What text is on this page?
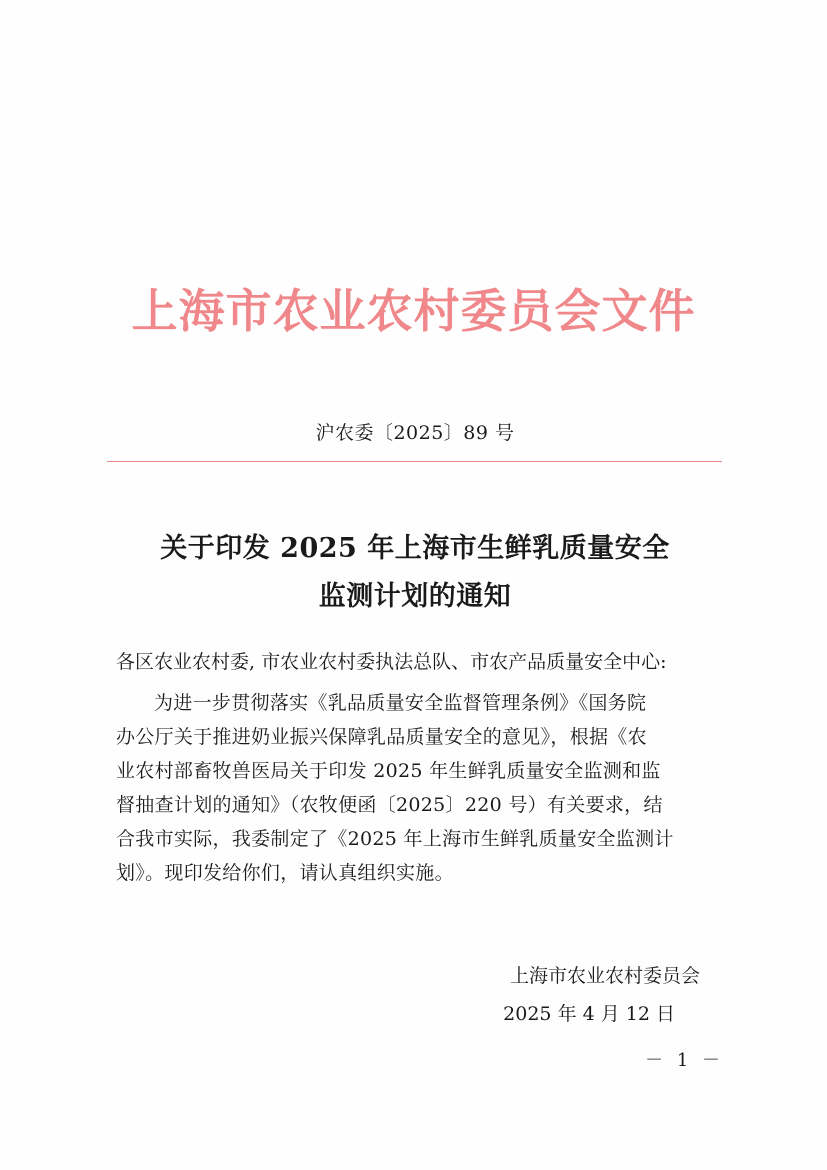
上海市农业农村委员会文件
沪农委〔2025〕89 号
关于印发 2025 年上海市生鲜乳质量安全
监测计划的通知
各区农业农村委, 市农业农村委执法总队、市农产品质量安全中心:
为进一步贯彻落实《乳品质量安全监督管理条例》《国务院
办公厅关于推进奶业振兴保障乳品质量安全的意见》，根据《农
业农村部畜牧兽医局关于印发 2025 年生鲜乳质量安全监测和监
督抽查计划的通知》（农牧便函〔2025〕220 号）有关要求，结
合我市实际，我委制定了《2025 年上海市生鲜乳质量安全监测计
划》。现印发给你们，请认真组织实施。
上海市农业农村委员会
2025 年 4 月 12 日
－ 1 －
